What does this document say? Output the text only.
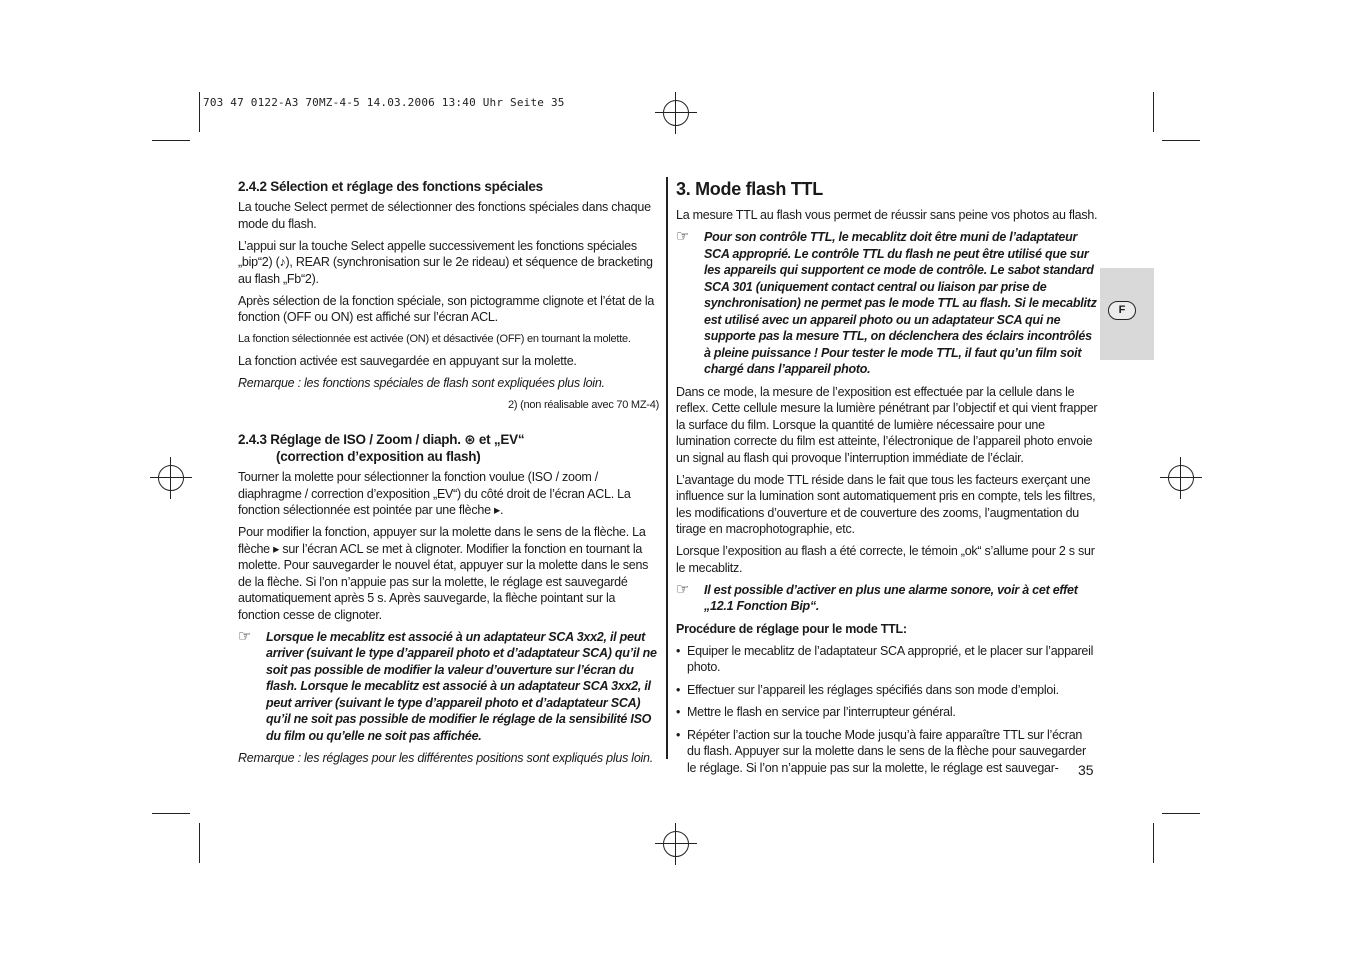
703 47 0122-A3 70MZ-4-5 14.03.2006 13:40 Uhr Seite 35
F
2.4.2 Sélection et réglage des fonctions spéciales

La touche Select permet de sélectionner des fonctions spéciales dans chaque mode du flash.

L’appui sur la touche Select appelle successivement les fonctions spéciales „bip“2) (♪), REAR (synchronisation sur le 2e rideau) et séquence de bracketing au flash „Fb“2).

Après sélection de la fonction spéciale, son pictogramme clignote et l’état de la fonction (OFF ou ON) est affiché sur l’écran ACL.

La fonction sélectionnée est activée (ON) et désactivée (OFF) en tournant la molette.

La fonction activée est sauvegardée en appuyant sur la molette.

Remarque : les fonctions spéciales de flash sont expliquées plus loin.

2) (non réalisable avec 70 MZ-4)

2.4.3 Réglage de ISO / Zoom / diaph. ⊛ et „EV“
(correction d’exposition au flash)

Tourner la molette pour sélectionner la fonction voulue (ISO / zoom / diaphragme / correction d’exposition „EV“) du côté droit de l’écran ACL. La fonction sélectionnée est pointée par une flèche ▸.

Pour modifier la fonction, appuyer sur la molette dans le sens de la flèche. La flèche ▸ sur l’écran ACL se met à clignoter. Modifier la fonction en tournant la molette. Pour sauvegarder le nouvel état, appuyer sur la molette dans le sens de la flèche. Si l’on n’appuie pas sur la molette, le réglage est sauvegardé automatiquement après 5 s. Après sauvegarde, la flèche pointant sur la fonction cesse de clignoter.

☞	Lorsque le mecablitz est associé à un adaptateur SCA 3xx2, il peut arriver (suivant le type d’appareil photo et d’adaptateur SCA) qu’il ne soit pas possible de modifier la valeur d’ouverture sur l’écran du flash. Lorsque le mecablitz est associé à un adaptateur SCA 3xx2, il peut arriver (suivant le type d’appareil photo et d’adaptateur SCA) qu’il ne soit pas possible de modifier le réglage de la sensibilité ISO du film ou qu’elle ne soit pas affichée.

Remarque : les réglages pour les différentes positions sont expliqués plus loin.

3. Mode flash TTL

La mesure TTL au flash vous permet de réussir sans peine vos photos au flash.

☞	Pour son contrôle TTL, le mecablitz doit être muni de l’adaptateur SCA approprié. Le contrôle TTL du flash ne peut être utilisé que sur les appareils qui supportent ce mode de contrôle. Le sabot standard SCA 301 (uniquement contact central ou liaison par prise de synchronisation) ne permet pas le mode TTL au flash. Si le mecablitz est utilisé avec un appareil photo ou un adaptateur SCA qui ne supporte pas la mesure TTL, on déclenchera des éclairs incontrôlés à pleine puissance ! Pour tester le mode TTL, il faut qu’un film soit chargé dans l’appareil photo.

Dans ce mode, la mesure de l’exposition est effectuée par la cellule dans le reflex. Cette cellule mesure la lumière pénétrant par l’objectif et qui vient frapper la surface du film. Lorsque la quantité de lumière nécessaire pour une lumination correcte du film est atteinte, l’électronique de l’appareil photo envoie un signal au flash qui provoque l’interruption immédiate de l’éclair.

L’avantage du mode TTL réside dans le fait que tous les facteurs exerçant une influence sur la lumination sont automatiquement pris en compte, tels les filtres, les modifications d’ouverture et de couverture des zooms, l’augmentation du tirage en macrophotographie, etc.

Lorsque l’exposition au flash a été correcte, le témoin „ok“ s’allume pour 2 s sur le mecablitz.

☞	Il est possible d’activer en plus une alarme sonore, voir à cet effet „12.1 Fonction Bip“.

Procédure de réglage pour le mode TTL:

• Equiper le mecablitz de l’adaptateur SCA approprié, et le placer sur l’appareil photo.
• Effectuer sur l’appareil les réglages spécifiés dans son mode d’emploi.
• Mettre le flash en service par l’interrupteur général.
• Répéter l’action sur la touche Mode jusqu’à faire apparaître TTL sur l’écran du flash. Appuyer sur la molette dans le sens de la flèche pour sauvegarder le réglage. Si l’on n’appuie pas sur la molette, le réglage est sauvegar-	35
